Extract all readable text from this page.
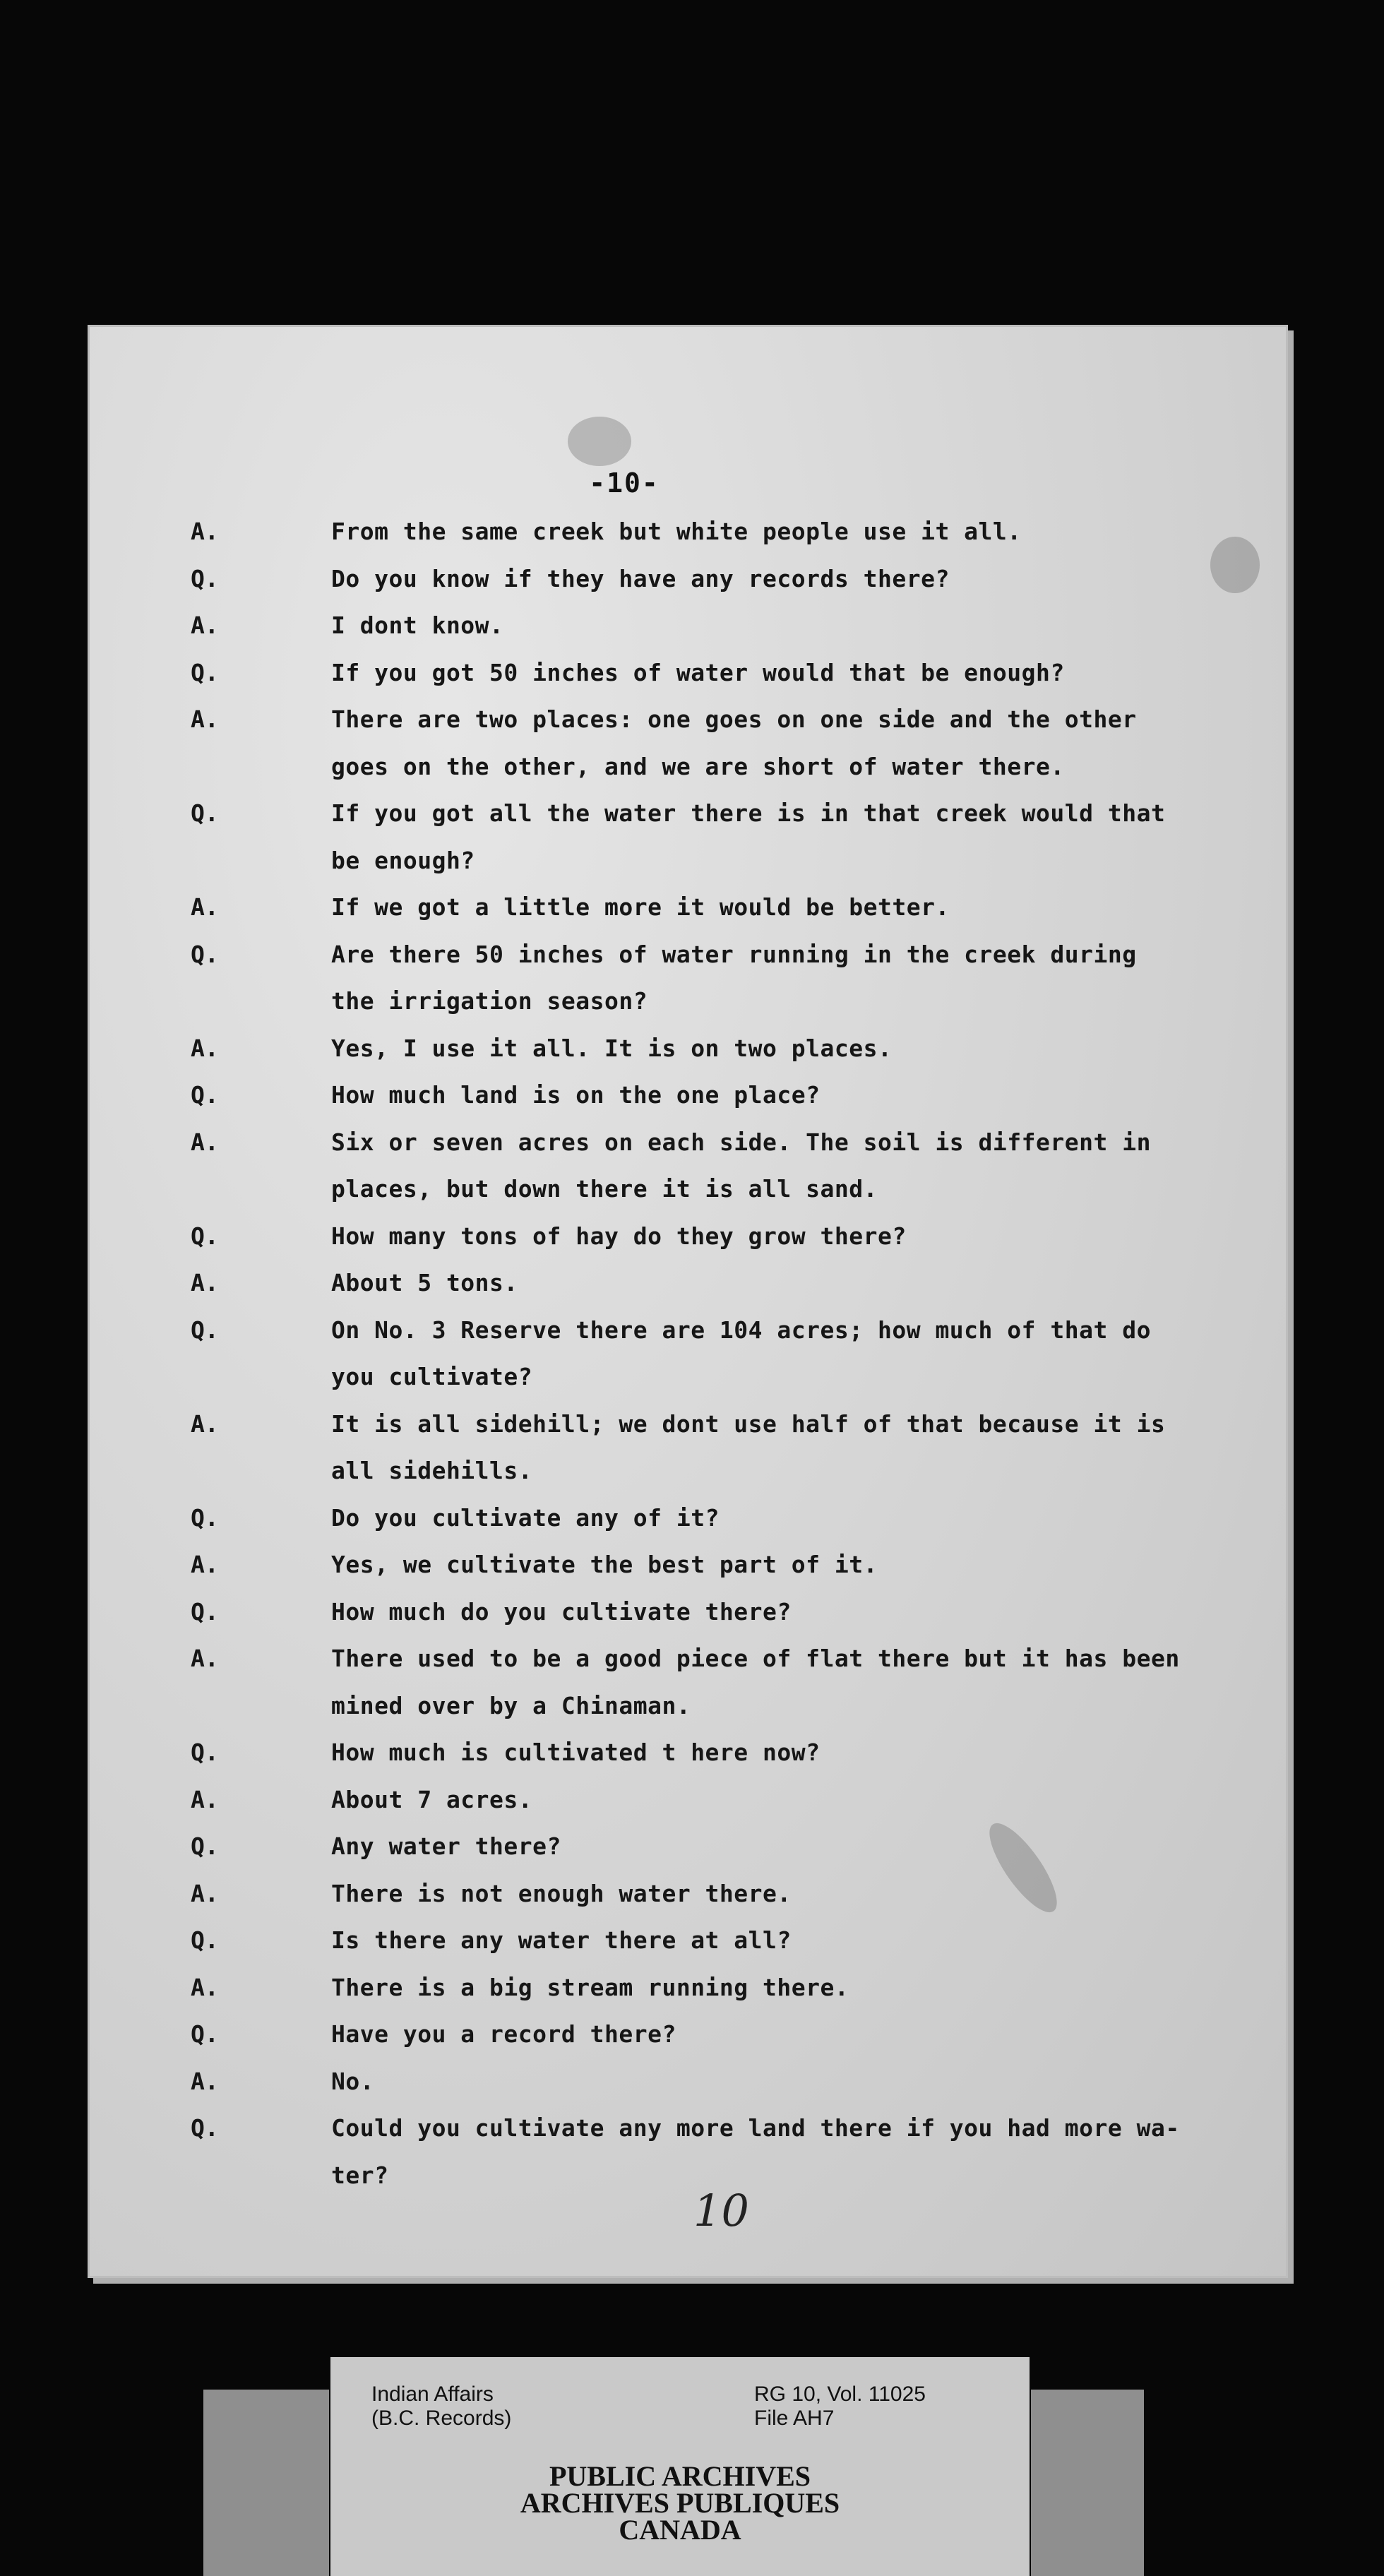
-10-
A.	From the same creek but white people use it all.
Q.	Do you know if they have any records there?
A.	I dont know.
Q.	If you got 50 inches of water would that be enough?
A.	There are two places: one goes on one side and the other
goes on the other, and we are short of water there.
Q.	If you got all the water there is in that creek would that
be enough?
A.	If we got a little more it would be better.
Q.	Are there 50 inches of water running in the creek during
the irrigation season?
A.	Yes, I use it all. It is on two places.
Q.	How much land is on the one place?
A.	Six or seven acres on each side. The soil is different in
places, but down there it is all sand.
Q.	How many tons of hay do they grow there?
A.	About 5 tons.
Q.	On No. 3 Reserve there are 104 acres; how much of that do
you cultivate?
A.	It is all sidehill; we dont use half of that because it is
all sidehills.
Q.	Do you cultivate any of it?
A.	Yes, we cultivate the best part of it.
Q.	How much do you cultivate there?
A.	There used to be a good piece of flat there but it has been
mined over by a Chinaman.
Q.	How much is cultivated t here now?
A.	About 7 acres.
Q.	Any water there?
A.	There is not enough water there.
Q.	Is there any water there at all?
A.	There is a big stream running there.
Q.	Have you a record there?
A.	No.
Q.	Could you cultivate any more land there if you had more wa-
ter?
10
Indian Affairs
(B.C. Records)
RG 10, Vol. 11025
File AH7
PUBLIC ARCHIVES
ARCHIVES PUBLIQUES
CANADA
